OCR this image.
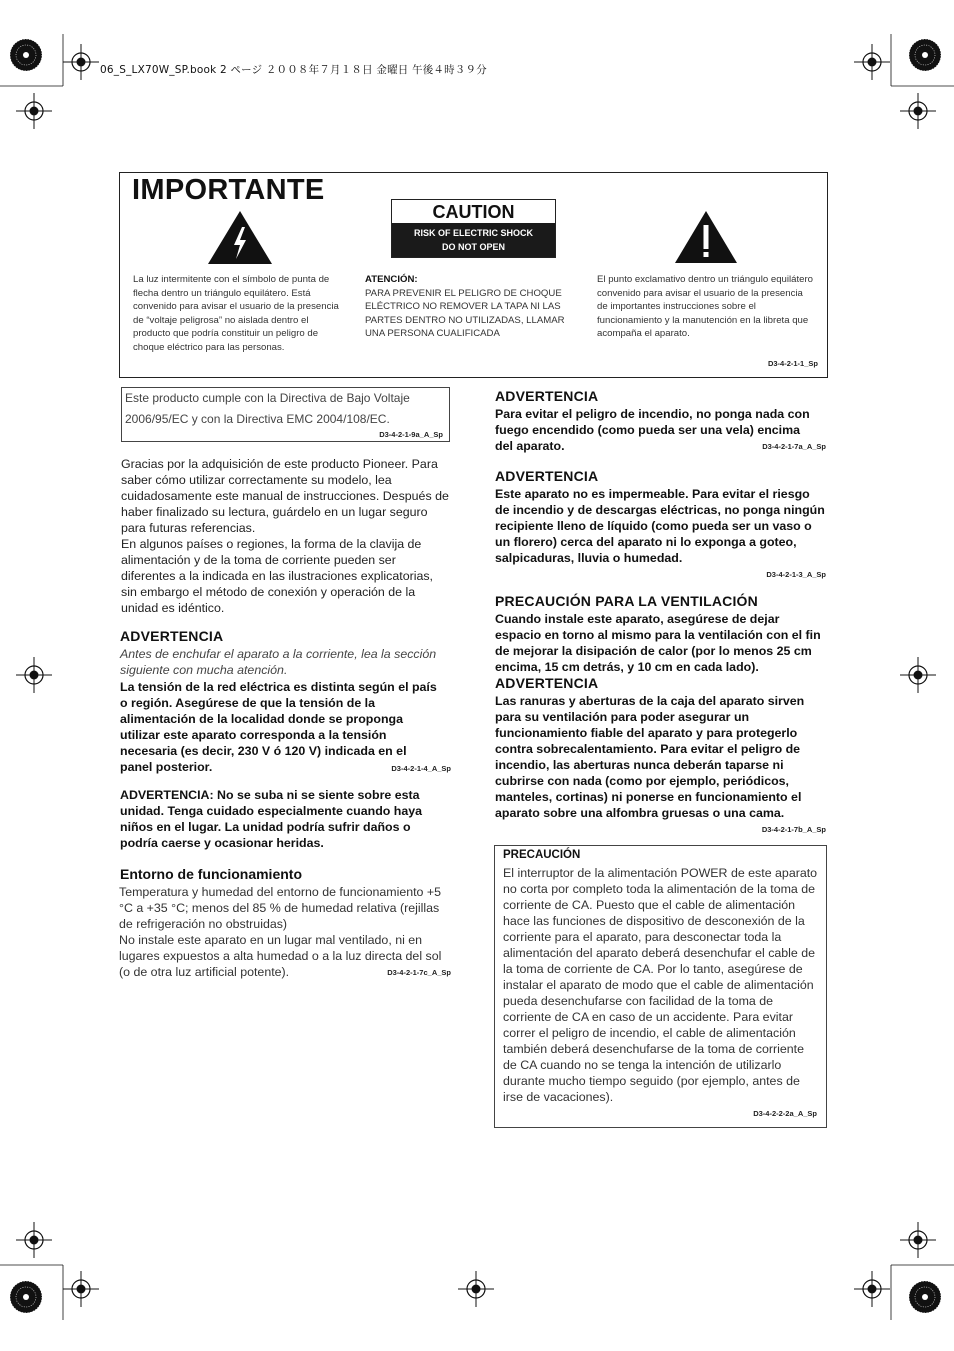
06_S_LX70W_SP.book 2 ページ ２００８年７月１８日 金曜日 午後４時３９分
IMPORTANTE
CAUTION
RISK OF ELECTRIC SHOCK
DO NOT OPEN
La luz intermitente con el símbolo de punta de flecha dentro un triángulo equilátero. Está convenido para avisar el usuario de la presencia de “voltaje peligrosa” no aislada dentro el producto que podría constituir un peligro de choque eléctrico para las personas.
ATENCIÓN:
PARA PREVENIR EL PELIGRO DE CHOQUE ELÉCTRICO NO REMOVER LA TAPA NI LAS PARTES DENTRO NO UTILIZADAS, LLAMAR UNA PERSONA CUALIFICADA
El punto exclamativo dentro un triángulo equilátero convenido para avisar el usuario de la presencia de importantes instrucciones sobre el funcionamiento y la manutención en la libreta que acompaña el aparato.
D3-4-2-1-1_Sp
Este producto cumple con la Directiva de Bajo Voltaje
2006/95/EC y con la Directiva EMC 2004/108/EC.
D3-4-2-1-9a_A_Sp
Gracias por la adquisición de este producto Pioneer. Para saber cómo utilizar correctamente su modelo, lea cuidadosamente este manual de instrucciones. Después de haber finalizado su lectura, guárdelo en un lugar seguro para futuras referencias.
En algunos países o regiones, la forma de la clavija de alimentación y de la toma de corriente pueden ser diferentes a la indicada en las ilustraciones explicatorias, sin embargo el método de conexión y operación de la unidad es idéntico.
ADVERTENCIA
Antes de enchufar el aparato a la corriente, lea la sección siguiente con mucha atención.
La tensión de la red eléctrica es distinta según el país o región. Asegúrese de que la tensión de la alimentación de la localidad donde se proponga utilizar este aparato corresponda a la tensión necesaria (es decir, 230 V ó 120 V) indicada en el panel posterior.	D3-4-2-1-4_A_Sp
ADVERTENCIA: No se suba ni se siente sobre esta unidad. Tenga cuidado especialmente cuando haya niños en el lugar. La unidad podría sufrir daños o podría caerse y ocasionar heridas.
Entorno de funcionamiento
Temperatura y humedad del entorno de funcionamiento +5 °C a +35 °C; menos del 85 % de humedad relativa (rejillas de refrigeración no obstruidas)
No instale este aparato en un lugar mal ventilado, ni en lugares expuestos a alta humedad o a la luz directa del sol (o de otra luz artificial potente).	D3-4-2-1-7c_A_Sp
ADVERTENCIA
Para evitar el peligro de incendio, no ponga nada con fuego encendido (como pueda ser una vela) encima del aparato.	D3-4-2-1-7a_A_Sp
ADVERTENCIA
Este aparato no es impermeable. Para evitar el riesgo de incendio y de descargas eléctricas, no ponga ningún recipiente lleno de líquido (como pueda ser un vaso o un florero) cerca del aparato ni lo exponga a goteo, salpicaduras, lluvia o humedad.
D3-4-2-1-3_A_Sp
PRECAUCIÓN PARA LA VENTILACIÓN
Cuando instale este aparato, asegúrese de dejar espacio en torno al mismo para la ventilación con el fin de mejorar la disipación de calor (por lo menos 25 cm encima, 15 cm detrás, y 10 cm en cada lado).
ADVERTENCIA
Las ranuras y aberturas de la caja del aparato sirven para su ventilación para poder asegurar un funcionamiento fiable del aparato y para protegerlo contra sobrecalentamiento. Para evitar el peligro de incendio, las aberturas nunca deberán taparse ni cubrirse con nada (como por ejemplo, periódicos, manteles, cortinas) ni ponerse en funcionamiento el aparato sobre una alfombra gruesas o una cama.
D3-4-2-1-7b_A_Sp
PRECAUCIÓN
El interruptor de la alimentación POWER de este aparato no corta por completo toda la alimentación de la toma de corriente de CA. Puesto que el cable de alimentación hace las funciones de dispositivo de desconexión de la corriente para el aparato, para desconectar toda la alimentación del aparato deberá desenchufar el cable de la toma de corriente de CA. Por lo tanto, asegúrese de instalar el aparato de modo que el cable de alimentación pueda desenchufarse con facilidad de la toma de corriente de CA en caso de un accidente. Para evitar correr el peligro de incendio, el cable de alimentación también deberá desenchufarse de la toma de corriente de CA cuando no se tenga la intención de utilizarlo durante mucho tiempo seguido (por ejemplo, antes de irse de vacaciones).
D3-4-2-2-2a_A_Sp
